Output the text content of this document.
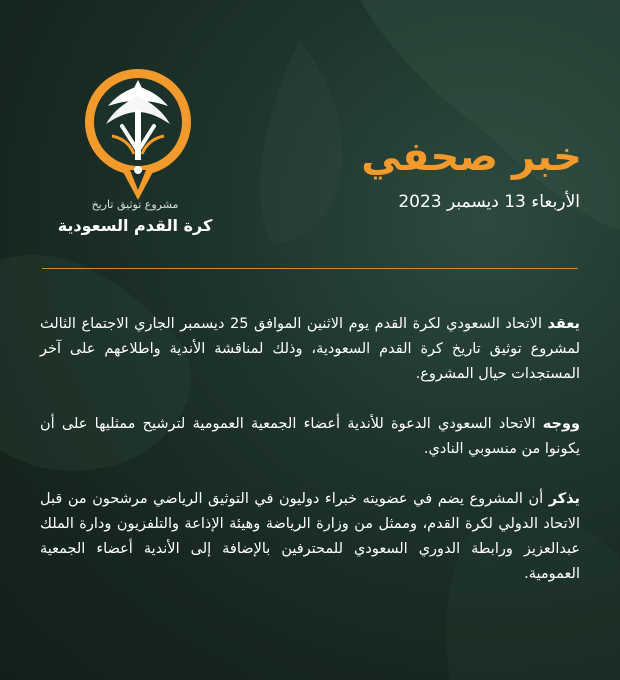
مشروع توثيق تاريخ
كرة القدم السعودية
خبر صحفي
الأربعاء 13 ديسمبر 2023

يعقد الاتحاد السعودي لكرة القدم يوم الاثنين الموافق 25 ديسمبر الجاري الاجتماع الثالث لمشروع توثيق تاريخ كرة القدم السعودية، وذلك لمناقشة الأندية واطلاعهم على آخر المستجدات حيال المشروع.

ووجه الاتحاد السعودي الدعوة للأندية أعضاء الجمعية العمومية لترشيح ممثليها على أن يكونوا من منسوبي النادي.

يذكر أن المشروع يضم في عضويته خبراء دوليون في التوثيق الرياضي مرشحون من قبل الاتحاد الدولي لكرة القدم، وممثل من وزارة الرياضة وهيئة الإذاعة والتلفزيون ودارة الملك عبدالعزيز ورابطة الدوري السعودي للمحترفين بالإضافة إلى الأندية أعضاء الجمعية العمومية.
